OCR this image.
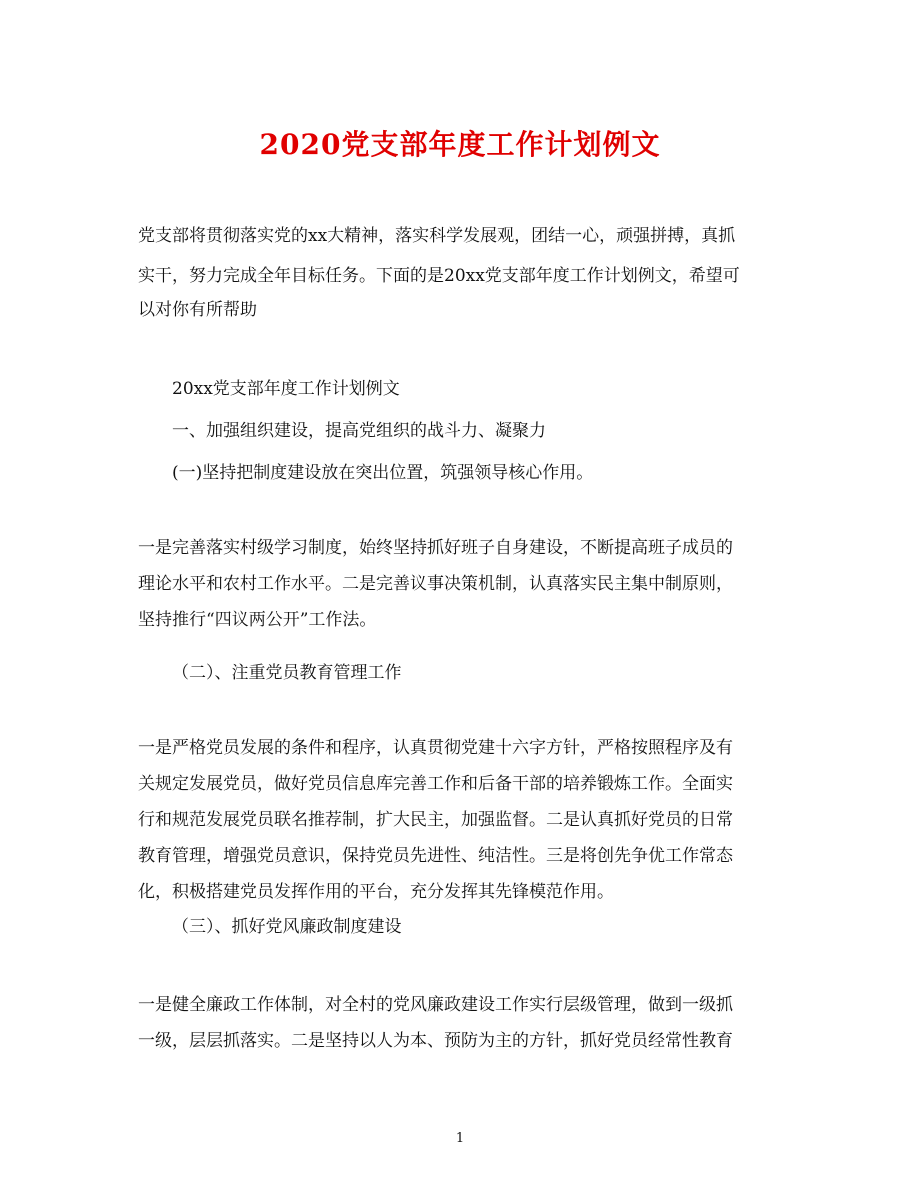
2020党支部年度工作计划例文
党支部将贯彻落实党的xx大精神，落实科学发展观，团结一心，顽强拼搏，真抓
实干，努力完成全年目标任务。下面的是20xx党支部年度工作计划例文，希望可
以对你有所帮助
20xx党支部年度工作计划例文
一、加强组织建设，提高党组织的战斗力、凝聚力
(一)坚持把制度建设放在突出位置，筑强领导核心作用。
一是完善落实村级学习制度，始终坚持抓好班子自身建设，不断提高班子成员的
理论水平和农村工作水平。二是完善议事决策机制，认真落实民主集中制原则，
坚持推行“四议两公开”工作法。
（二）、注重党员教育管理工作
一是严格党员发展的条件和程序，认真贯彻党建十六字方针，严格按照程序及有
关规定发展党员，做好党员信息库完善工作和后备干部的培养锻炼工作。全面实
行和规范发展党员联名推荐制，扩大民主，加强监督。二是认真抓好党员的日常
教育管理，增强党员意识，保持党员先进性、纯洁性。三是将创先争优工作常态
化，积极搭建党员发挥作用的平台，充分发挥其先锋模范作用。
（三）、抓好党风廉政制度建设
一是健全廉政工作体制，对全村的党风廉政建设工作实行层级管理，做到一级抓
一级，层层抓落实。二是坚持以人为本、预防为主的方针，抓好党员经常性教育
1
